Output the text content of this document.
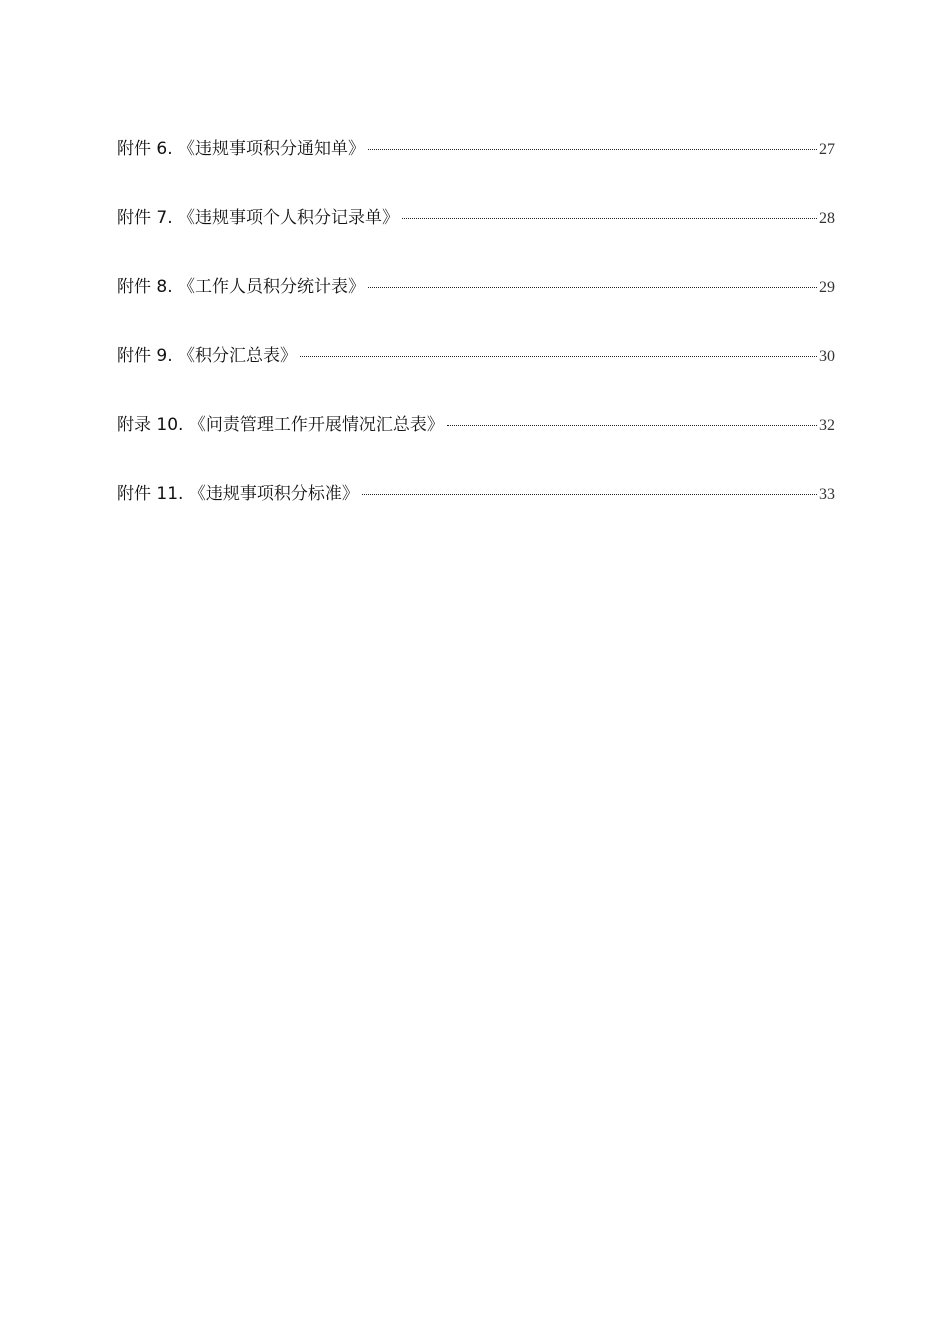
附件 6. 《违规事项积分通知单》	27
附件 7. 《违规事项个人积分记录单》	28
附件 8. 《工作人员积分统计表》	29
附件 9. 《积分汇总表》	30
附录 10. 《问责管理工作开展情况汇总表》	32
附件 11. 《违规事项积分标准》	33
